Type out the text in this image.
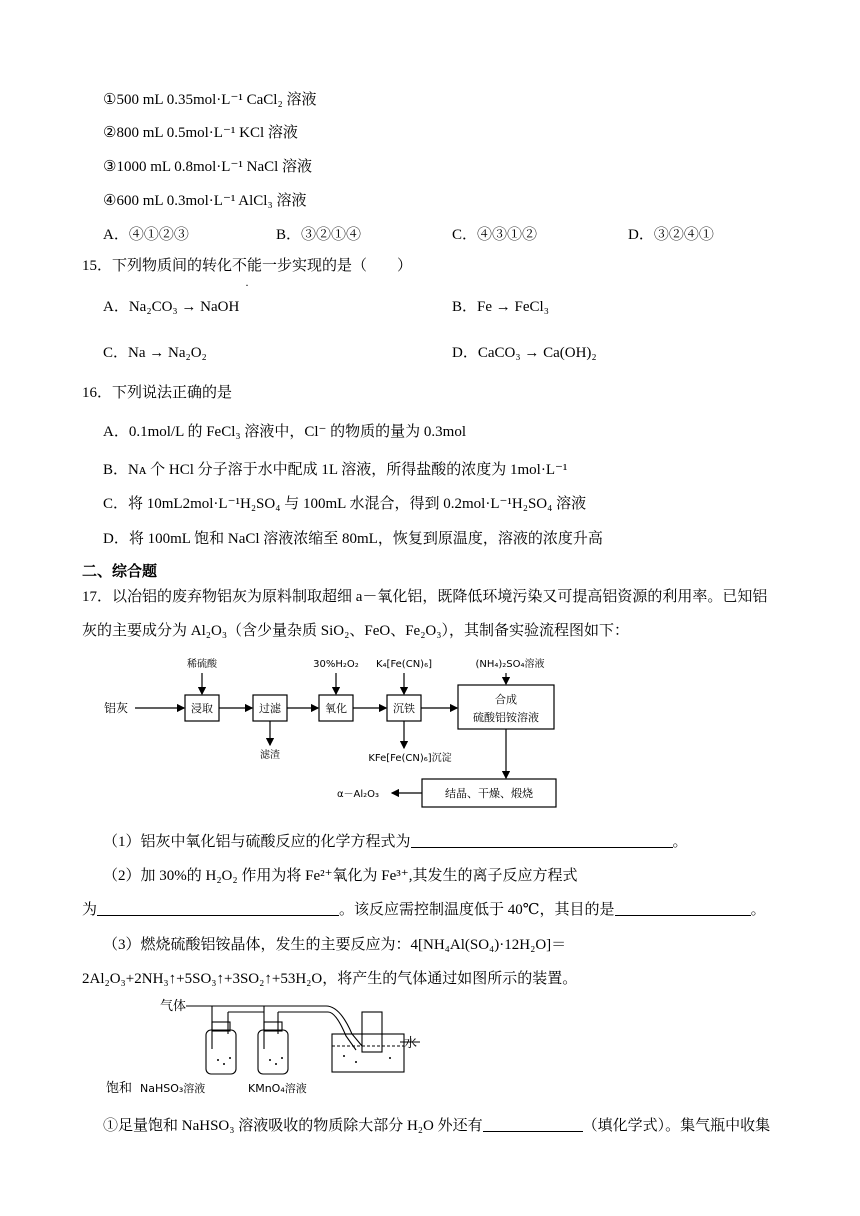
①500 mL 0.35mol·L⁻¹ CaCl₂ 溶液
②800 mL 0.5mol·L⁻¹ KCl 溶液
③1000 mL 0.8mol·L⁻¹ NaCl 溶液
④600 mL 0.3mol·L⁻¹ AlCl₃ 溶液
A．④①②③	B．③②①④	C．④③①②	D．③②④①
15．下列物质间的转化不能一步实现的是（　　）
A．Na₂CO₃ → NaOH	B．Fe → FeCl₃
C．Na → Na₂O₂	D．CaCO₃ → Ca(OH)₂
16．下列说法正确的是
A．0.1mol/L 的 FeCl₃ 溶液中，Cl⁻ 的物质的量为 0.3mol
B．Nᴀ 个 HCl 分子溶于水中配成 1L 溶液，所得盐酸的浓度为 1mol·L⁻¹
C．将 10mL2mol·L⁻¹H₂SO₄ 与 100mL 水混合，得到 0.2mol·L⁻¹H₂SO₄ 溶液
D．将 100mL 饱和 NaCl 溶液浓缩至 80mL，恢复到原温度，溶液的浓度升高
二、综合题
17．以冶铝的废弃物铝灰为原料制取超细 a－氧化铝，既降低环境污染又可提高铝资源的利用率。已知铝
灰的主要成分为 Al₂O₃（含少量杂质 SiO₂、FeO、Fe₂O₃），其制备实验流程图如下：
铝灰	浸取	过滤	氧化	沉铁
合成
硫酸铝铵溶液
结晶、干燥、煅烧
稀硫酸	30%H₂O₂ K₄[Fe(CN)₆]	(NH₄)₂SO₄溶液
滤渣	KFe[Fe(CN)₆]沉淀
α－Al₂O₃
（1）铝灰中氧化铝与硫酸反应的化学方程式为	。
（2）加 30%的 H₂O₂ 作用为将 Fe²⁺氧化为 Fe³⁺,其发生的离子反应方程式
为	。该反应需控制温度低于 40℃，其目的是	。
（3）燃烧硫酸铝铵晶体，发生的主要反应为：4[NH₄Al(SO₄)·12H₂O]＝
2Al₂O₃+2NH₃↑+5SO₃↑+3SO₂↑+53H₂O，将产生的气体通过如图所示的装置。
气体
水
饱和 NaHSO₃溶液	KMnO₄溶液
①足量饱和 NaHSO₃ 溶液吸收的物质除大部分 H₂O 外还有	（填化学式）。集气瓶中收集
